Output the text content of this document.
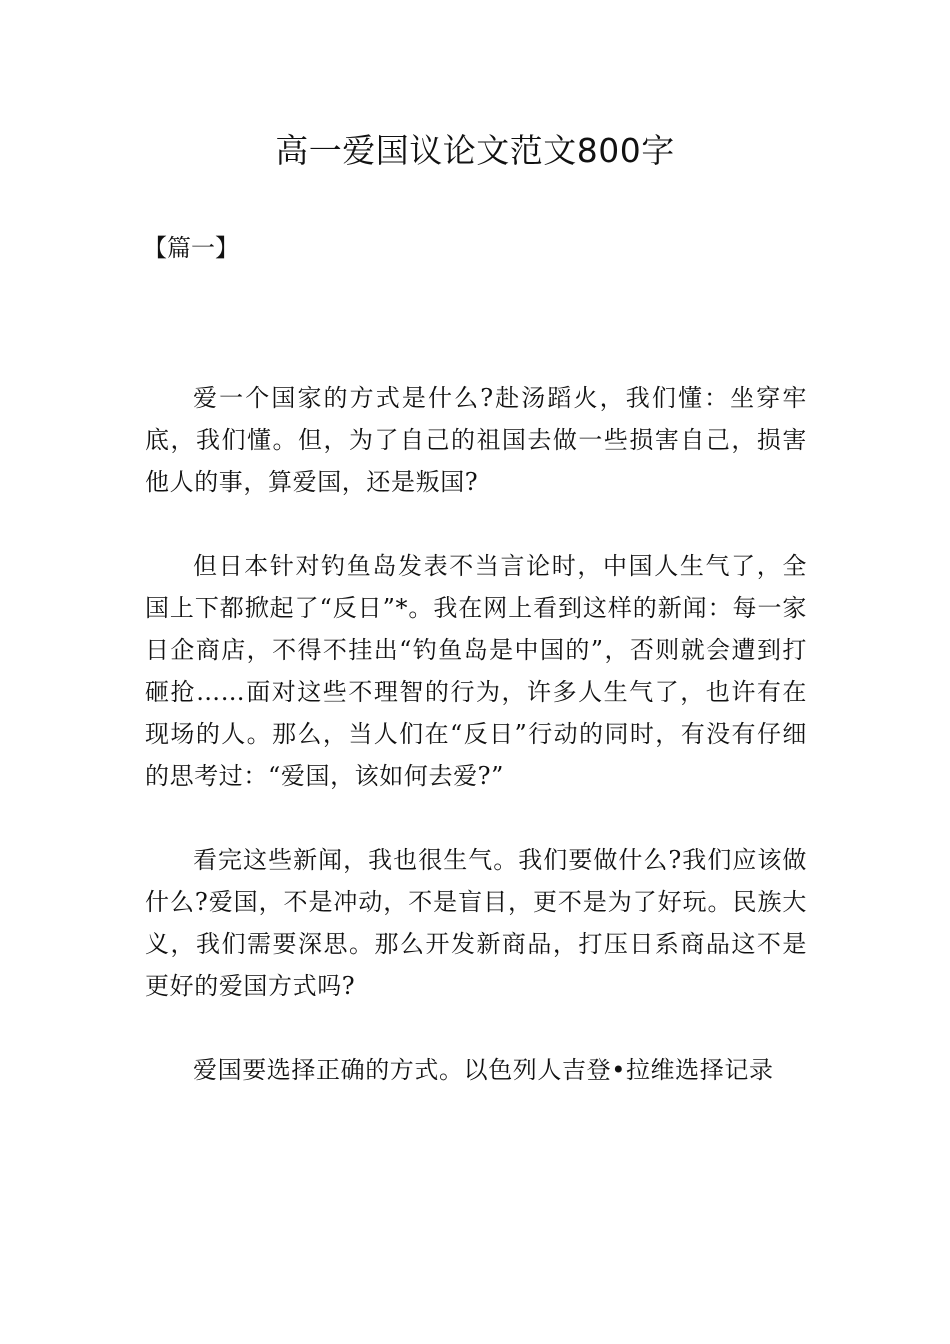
高一爱国议论文范文800字

【篇一】

爱一个国家的方式是什么?赴汤蹈火，我们懂：坐穿牢底，我们懂。但，为了自己的祖国去做一些损害自己，损害他人的事，算爱国，还是叛国?

但日本针对钓鱼岛发表不当言论时，中国人生气了，全国上下都掀起了“反日”*。我在网上看到这样的新闻：每一家日企商店，不得不挂出“钓鱼岛是中国的”，否则就会遭到打砸抢……面对这些不理智的行为，许多人生气了，也许有在现场的人。那么，当人们在“反日”行动的同时，有没有仔细的思考过：“爱国，该如何去爱?”

看完这些新闻，我也很生气。我们要做什么?我们应该做什么?爱国，不是冲动，不是盲目，更不是为了好玩。民族大义，我们需要深思。那么开发新商品，打压日系商品这不是更好的爱国方式吗?

爱国要选择正确的方式。以色列人吉登•拉维选择记录
